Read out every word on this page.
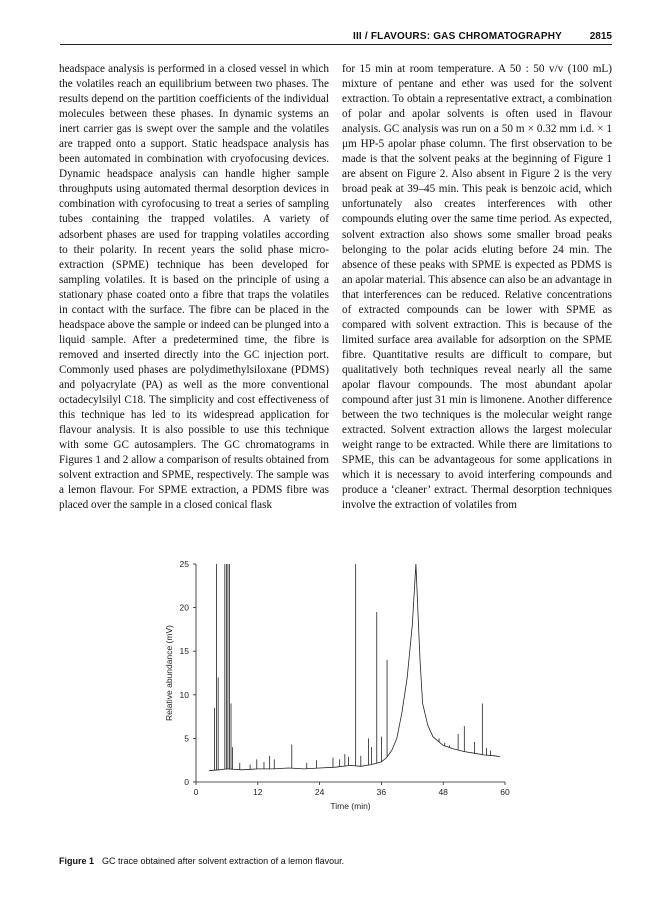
III / FLAVOURS: GAS CHROMATOGRAPHY	2815

headspace analysis is performed in a closed vessel in which the volatiles reach an equilibrium between two phases. The results depend on the partition coefficients of the individual molecules between these phases. In dynamic systems an inert carrier gas is swept over the sample and the volatiles are trapped onto a support. Static headspace analysis has been automated in combination with cryofocusing devices. Dynamic headspace analysis can handle higher sample throughputs using automated thermal desorption devices in combination with cyrofocusing to treat a series of sampling tubes containing the trapped volatiles. A variety of adsorbent phases are used for trapping volatiles according to their polarity. In recent years the solid phase micro-extraction (SPME) technique has been developed for sampling volatiles. It is based on the principle of using a stationary phase coated onto a fibre that traps the volatiles in contact with the surface. The fibre can be placed in the headspace above the sample or indeed can be plunged into a liquid sample. After a predetermined time, the fibre is removed and inserted directly into the GC injection port. Commonly used phases are polydimethylsiloxane (PDMS) and polyacrylate (PA) as well as the more conventional octadecylsilyl C18. The simplicity and cost effectiveness of this technique has led to its widespread application for flavour analysis. It is also possible to use this technique with some GC autosamplers. The GC chromatograms in Figures 1 and 2 allow a comparison of results obtained from solvent extraction and SPME, respectively. The sample was a lemon flavour. For SPME extraction, a PDMS fibre was placed over the sample in a closed conical flask

for 15 min at room temperature. A 50 : 50 v/v (100 mL) mixture of pentane and ether was used for the solvent extraction. To obtain a representative extract, a combination of polar and apolar solvents is often used in flavour analysis. GC analysis was run on a 50 m × 0.32 mm i.d. × 1 μm HP-5 apolar phase column. The first observation to be made is that the solvent peaks at the beginning of Figure 1 are absent on Figure 2. Also absent in Figure 2 is the very broad peak at 39–45 min. This peak is benzoic acid, which unfortunately also creates interferences with other compounds eluting over the same time period. As expected, solvent extraction also shows some smaller broad peaks belonging to the polar acids eluting before 24 min. The absence of these peaks with SPME is expected as PDMS is an apolar material. This absence can also be an advantage in that interferences can be reduced. Relative concentrations of extracted compounds can be lower with SPME as compared with solvent extraction. This is because of the limited surface area available for adsorption on the SPME fibre. Quantitative results are difficult to compare, but qualitatively both techniques reveal nearly all the same apolar flavour compounds. The most abundant apolar compound after just 31 min is limonene. Another difference between the two techniques is the molecular weight range extracted. Solvent extraction allows the largest molecular weight range to be extracted. While there are limitations to SPME, this can be advantageous for some applications in which it is necessary to avoid interfering compounds and produce a ‘cleaner’ extract. Thermal desorption techniques involve the extraction of volatiles from

0	12	24	36	48	60
0
5
10
15
20
25
Time (min)
Relative abundance (mV)
Figure 1 GC trace obtained after solvent extraction of a lemon flavour.
